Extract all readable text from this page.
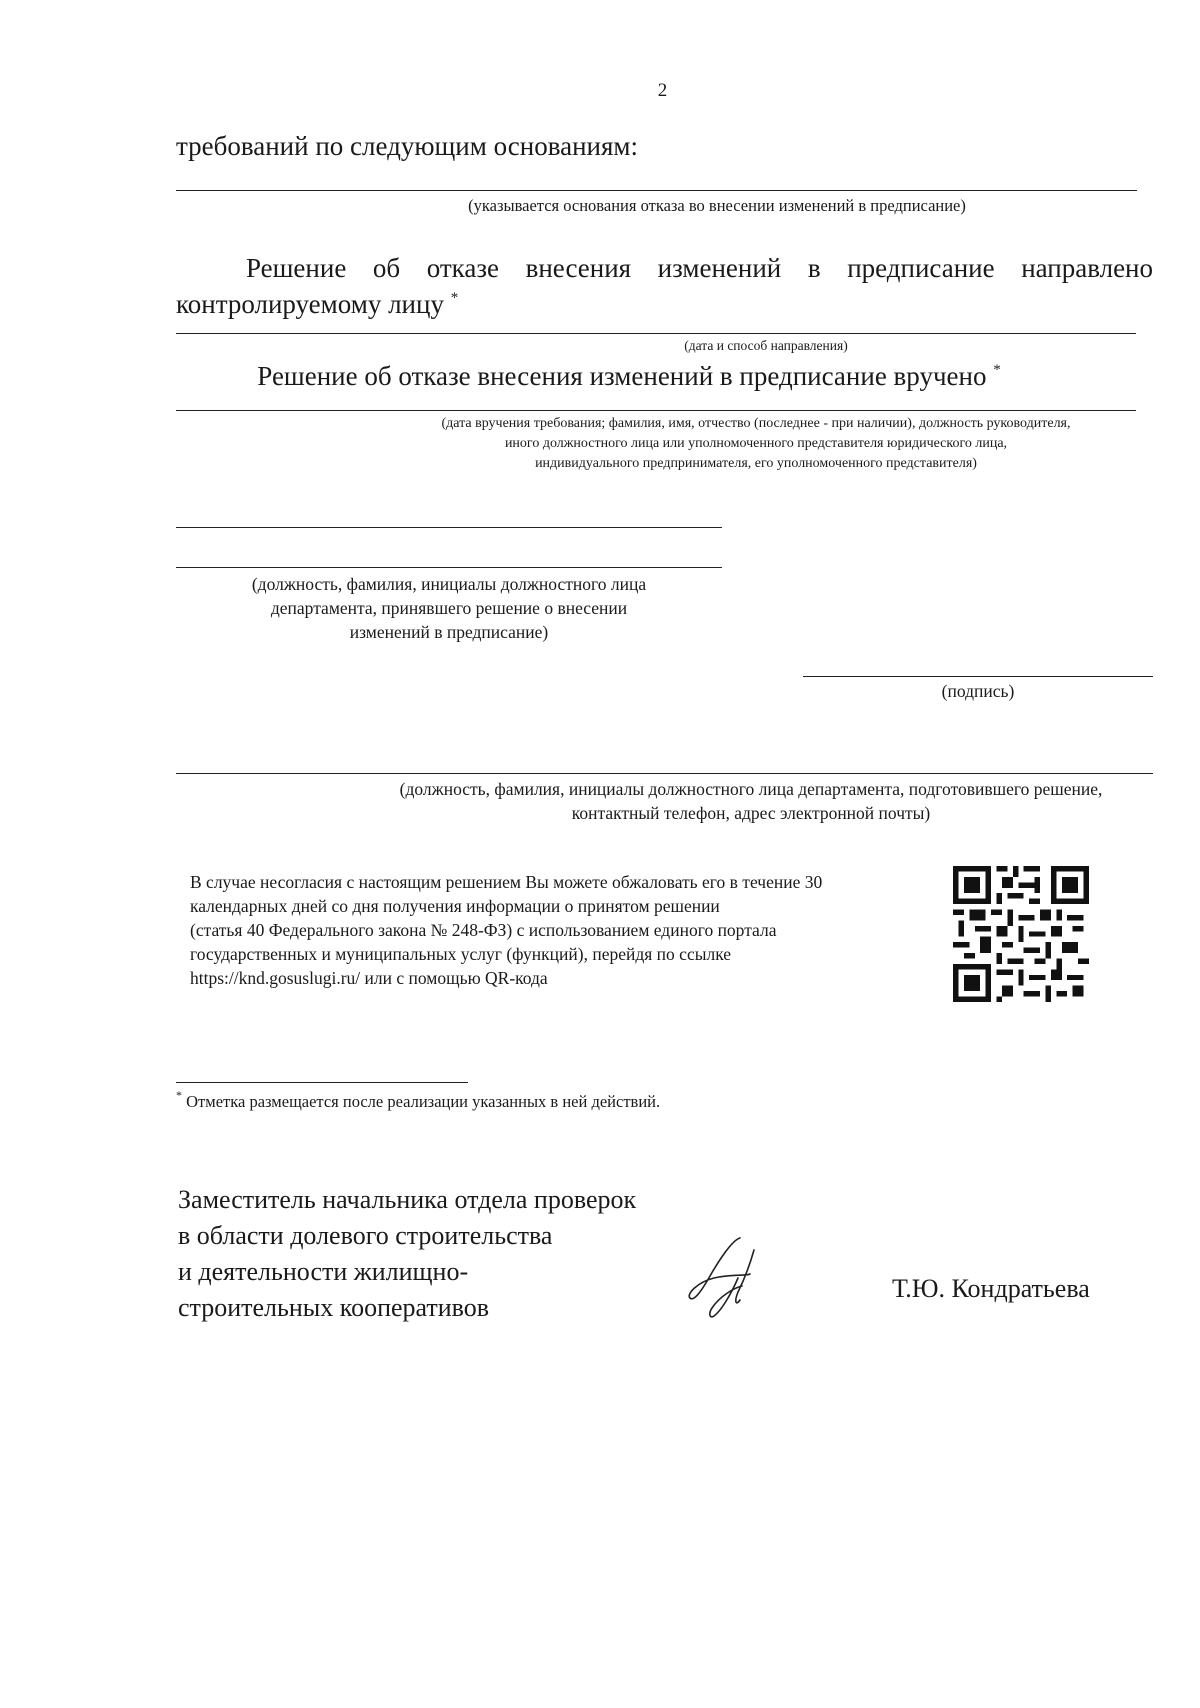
2
требований по следующим основаниям:
(указывается основания отказа во внесении изменений в предписание)
Решение об отказе внесения изменений в предписание направлено
контролируемому лицу *
(дата и способ направления)
Решение об отказе внесения изменений в предписание вручено *
(дата вручения требования; фамилия, имя, отчество (последнее - при наличии), должность руководителя,
иного должностного лица или уполномоченного представителя юридического лица,
индивидуального предпринимателя, его уполномоченного представителя)
(должность, фамилия, инициалы должностного лица
департамента, принявшего решение о внесении
изменений в предписание)
(подпись)
(должность, фамилия, инициалы должностного лица департамента, подготовившего решение,
контактный телефон, адрес электронной почты)
В случае несогласия с настоящим решением Вы можете обжаловать его в течение 30
календарных дней со дня получения информации о принятом решении
(статья 40 Федерального закона № 248-ФЗ) с использованием единого портала
государственных и муниципальных услуг (функций), перейдя по ссылке
https://knd.gosuslugi.ru/ или с помощью QR-кода
* Отметка размещается после реализации указанных в ней действий.
Заместитель начальника отдела проверок
в области долевого строительства
и деятельности жилищно-
строительных кооперативов
Т.Ю. Кондратьева
